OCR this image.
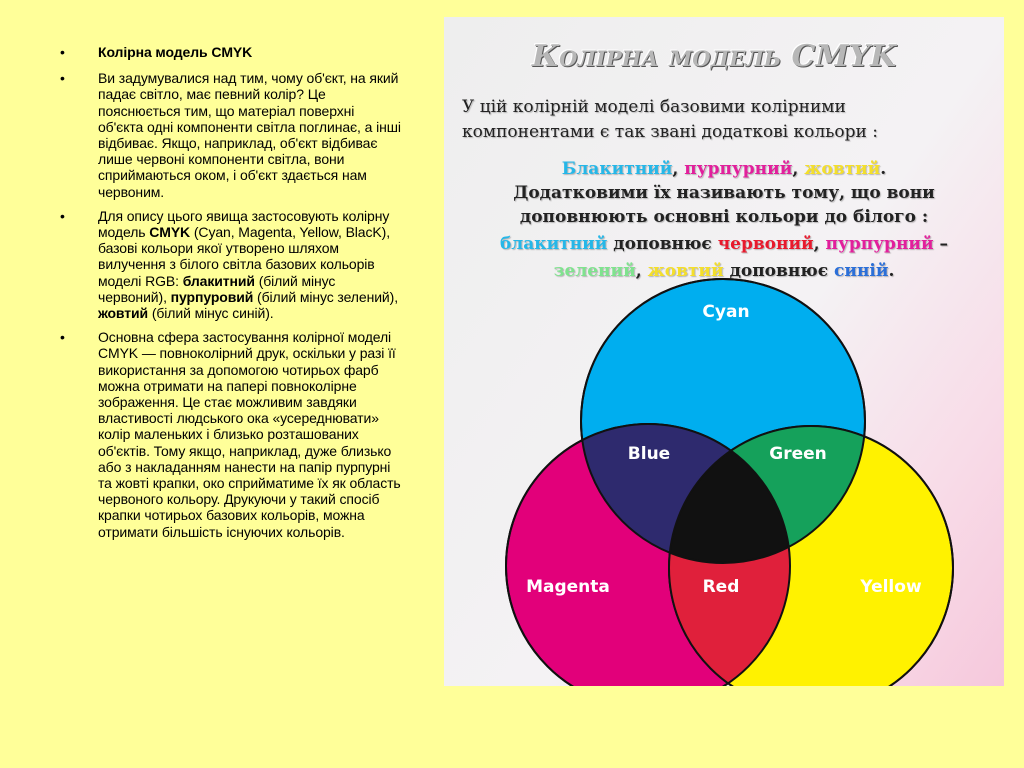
• Колірна модель CMYK
• Ви задумувалися над тим, чому об'єкт, на який падає світло, має певний колір? Це пояснюється тим, що матеріал поверхні об'єкта одні компоненти світла поглинає, а інші відбиває. Якщо, наприклад, об'єкт відбиває лише червоні компоненти світла, вони сприймаються оком, і об'єкт здається нам червоним.
• Для опису цього явища застосовують колірну модель CMYK (Cyan, Magenta, Yellow, BlacK), базові кольори якої утворено шляхом вилучення з білого світла базових кольорів моделі RGB: блакитний (білий мінус червоний), пурпуровий (білий мінус зелений), жовтий (білий мінус синій).
• Основна сфера застосування колірної моделі CMYK — повноколірний друк, оскільки у разі її використання за допомогою чотирьох фарб можна отримати на папері повноколірне зображення. Це стає можливим завдяки властивості людського ока «усереднювати» колір маленьких і близько розташованих об'єктів. Тому якщо, наприклад, дуже близько або з накладанням нанести на папір пурпурні та жовті крапки, око сприйматиме їх як область червоного кольору. Друкуючи у такий спосіб крапки чотирьох базових кольорів, можна отримати більшість існуючих кольорів.
Колірна модель CMYK
У цій колірній моделі базовими колірними компонентами є так звані додаткові кольори :
Блакитний, пурпурний, жовтий.
Додатковими їх називають тому, що вони
доповнюють основні кольори до білого :
блакитний доповнює червоний, пурпурний –
зелений, жовтий доповнює синій.
Cyan
Blue	Green
Magenta	Red	Yellow
